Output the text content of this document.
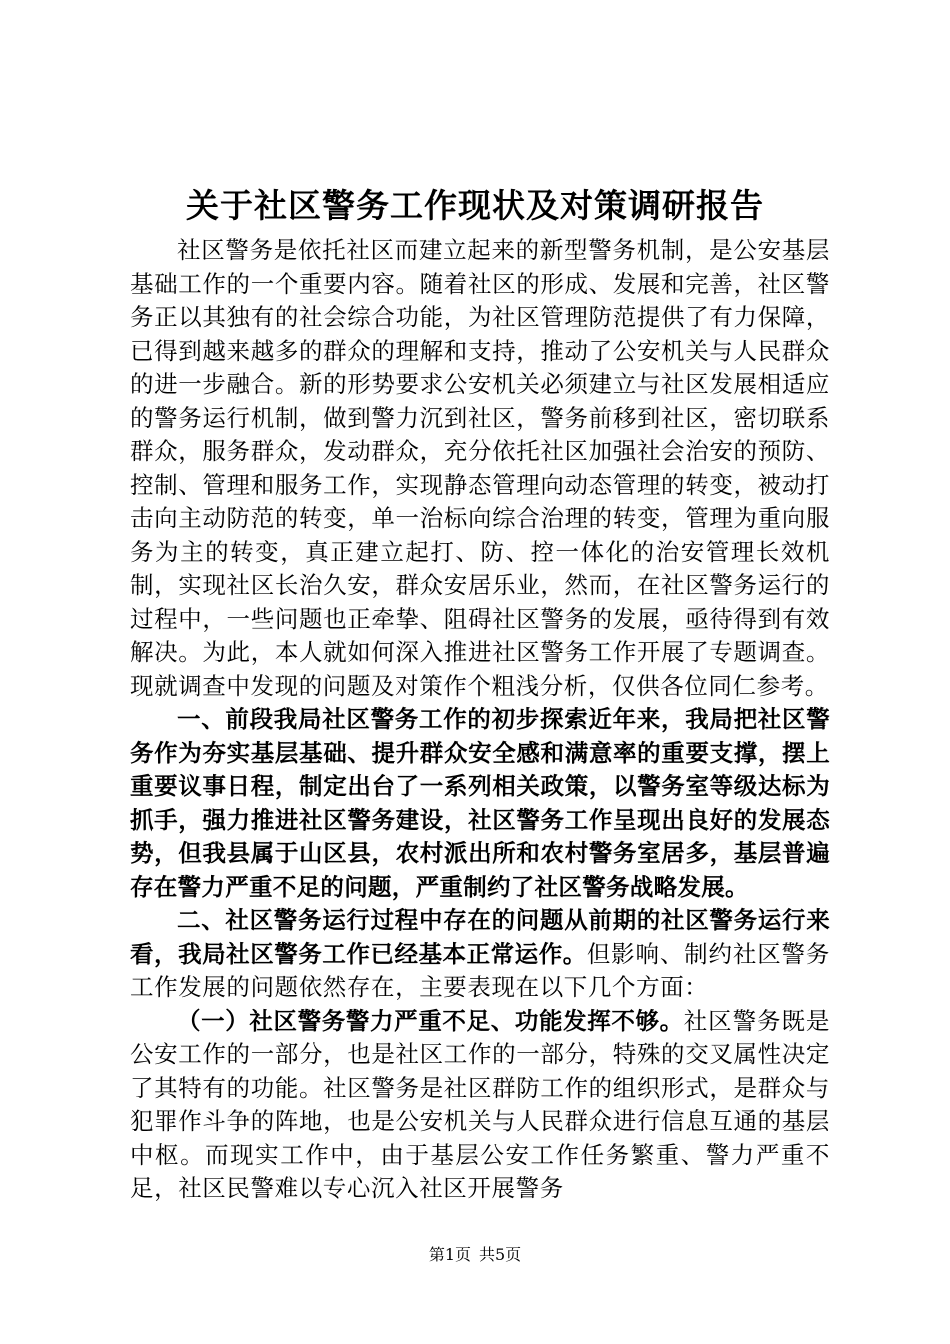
关于社区警务工作现状及对策调研报告

社区警务是依托社区而建立起来的新型警务机制，是公安基层基础工作的一个重要内容。随着社区的形成、发展和完善，社区警务正以其独有的社会综合功能，为社区管理防范提供了有力保障，已得到越来越多的群众的理解和支持，推动了公安机关与人民群众的进一步融合。新的形势要求公安机关必须建立与社区发展相适应的警务运行机制，做到警力沉到社区，警务前移到社区，密切联系群众，服务群众，发动群众，充分依托社区加强社会治安的预防、控制、管理和服务工作，实现静态管理向动态管理的转变，被动打击向主动防范的转变，单一治标向综合治理的转变，管理为重向服务为主的转变，真正建立起打、防、控一体化的治安管理长效机制，实现社区长治久安，群众安居乐业，然而，在社区警务运行的过程中，一些问题也正牵挚、阻碍社区警务的发展，亟待得到有效解决。为此，本人就如何深入推进社区警务工作开展了专题调查。现就调查中发现的问题及对策作个粗浅分析，仅供各位同仁参考。

一、前段我局社区警务工作的初步探索近年来，我局把社区警务作为夯实基层基础、提升群众安全感和满意率的重要支撑，摆上重要议事日程，制定出台了一系列相关政策，以警务室等级达标为抓手，强力推进社区警务建设，社区警务工作呈现出良好的发展态势，但我县属于山区县，农村派出所和农村警务室居多，基层普遍存在警力严重不足的问题，严重制约了社区警务战略发展。

二、社区警务运行过程中存在的问题从前期的社区警务运行来看，我局社区警务工作已经基本正常运作。但影响、制约社区警务工作发展的问题依然存在，主要表现在以下几个方面：

（一）社区警务警力严重不足、功能发挥不够。社区警务既是公安工作的一部分，也是社区工作的一部分，特殊的交叉属性决定了其特有的功能。社区警务是社区群防工作的组织形式，是群众与犯罪作斗争的阵地，也是公安机关与人民群众进行信息互通的基层中枢。而现实工作中，由于基层公安工作任务繁重、警力严重不足，社区民警难以专心沉入社区开展警务

第1页 共5页
